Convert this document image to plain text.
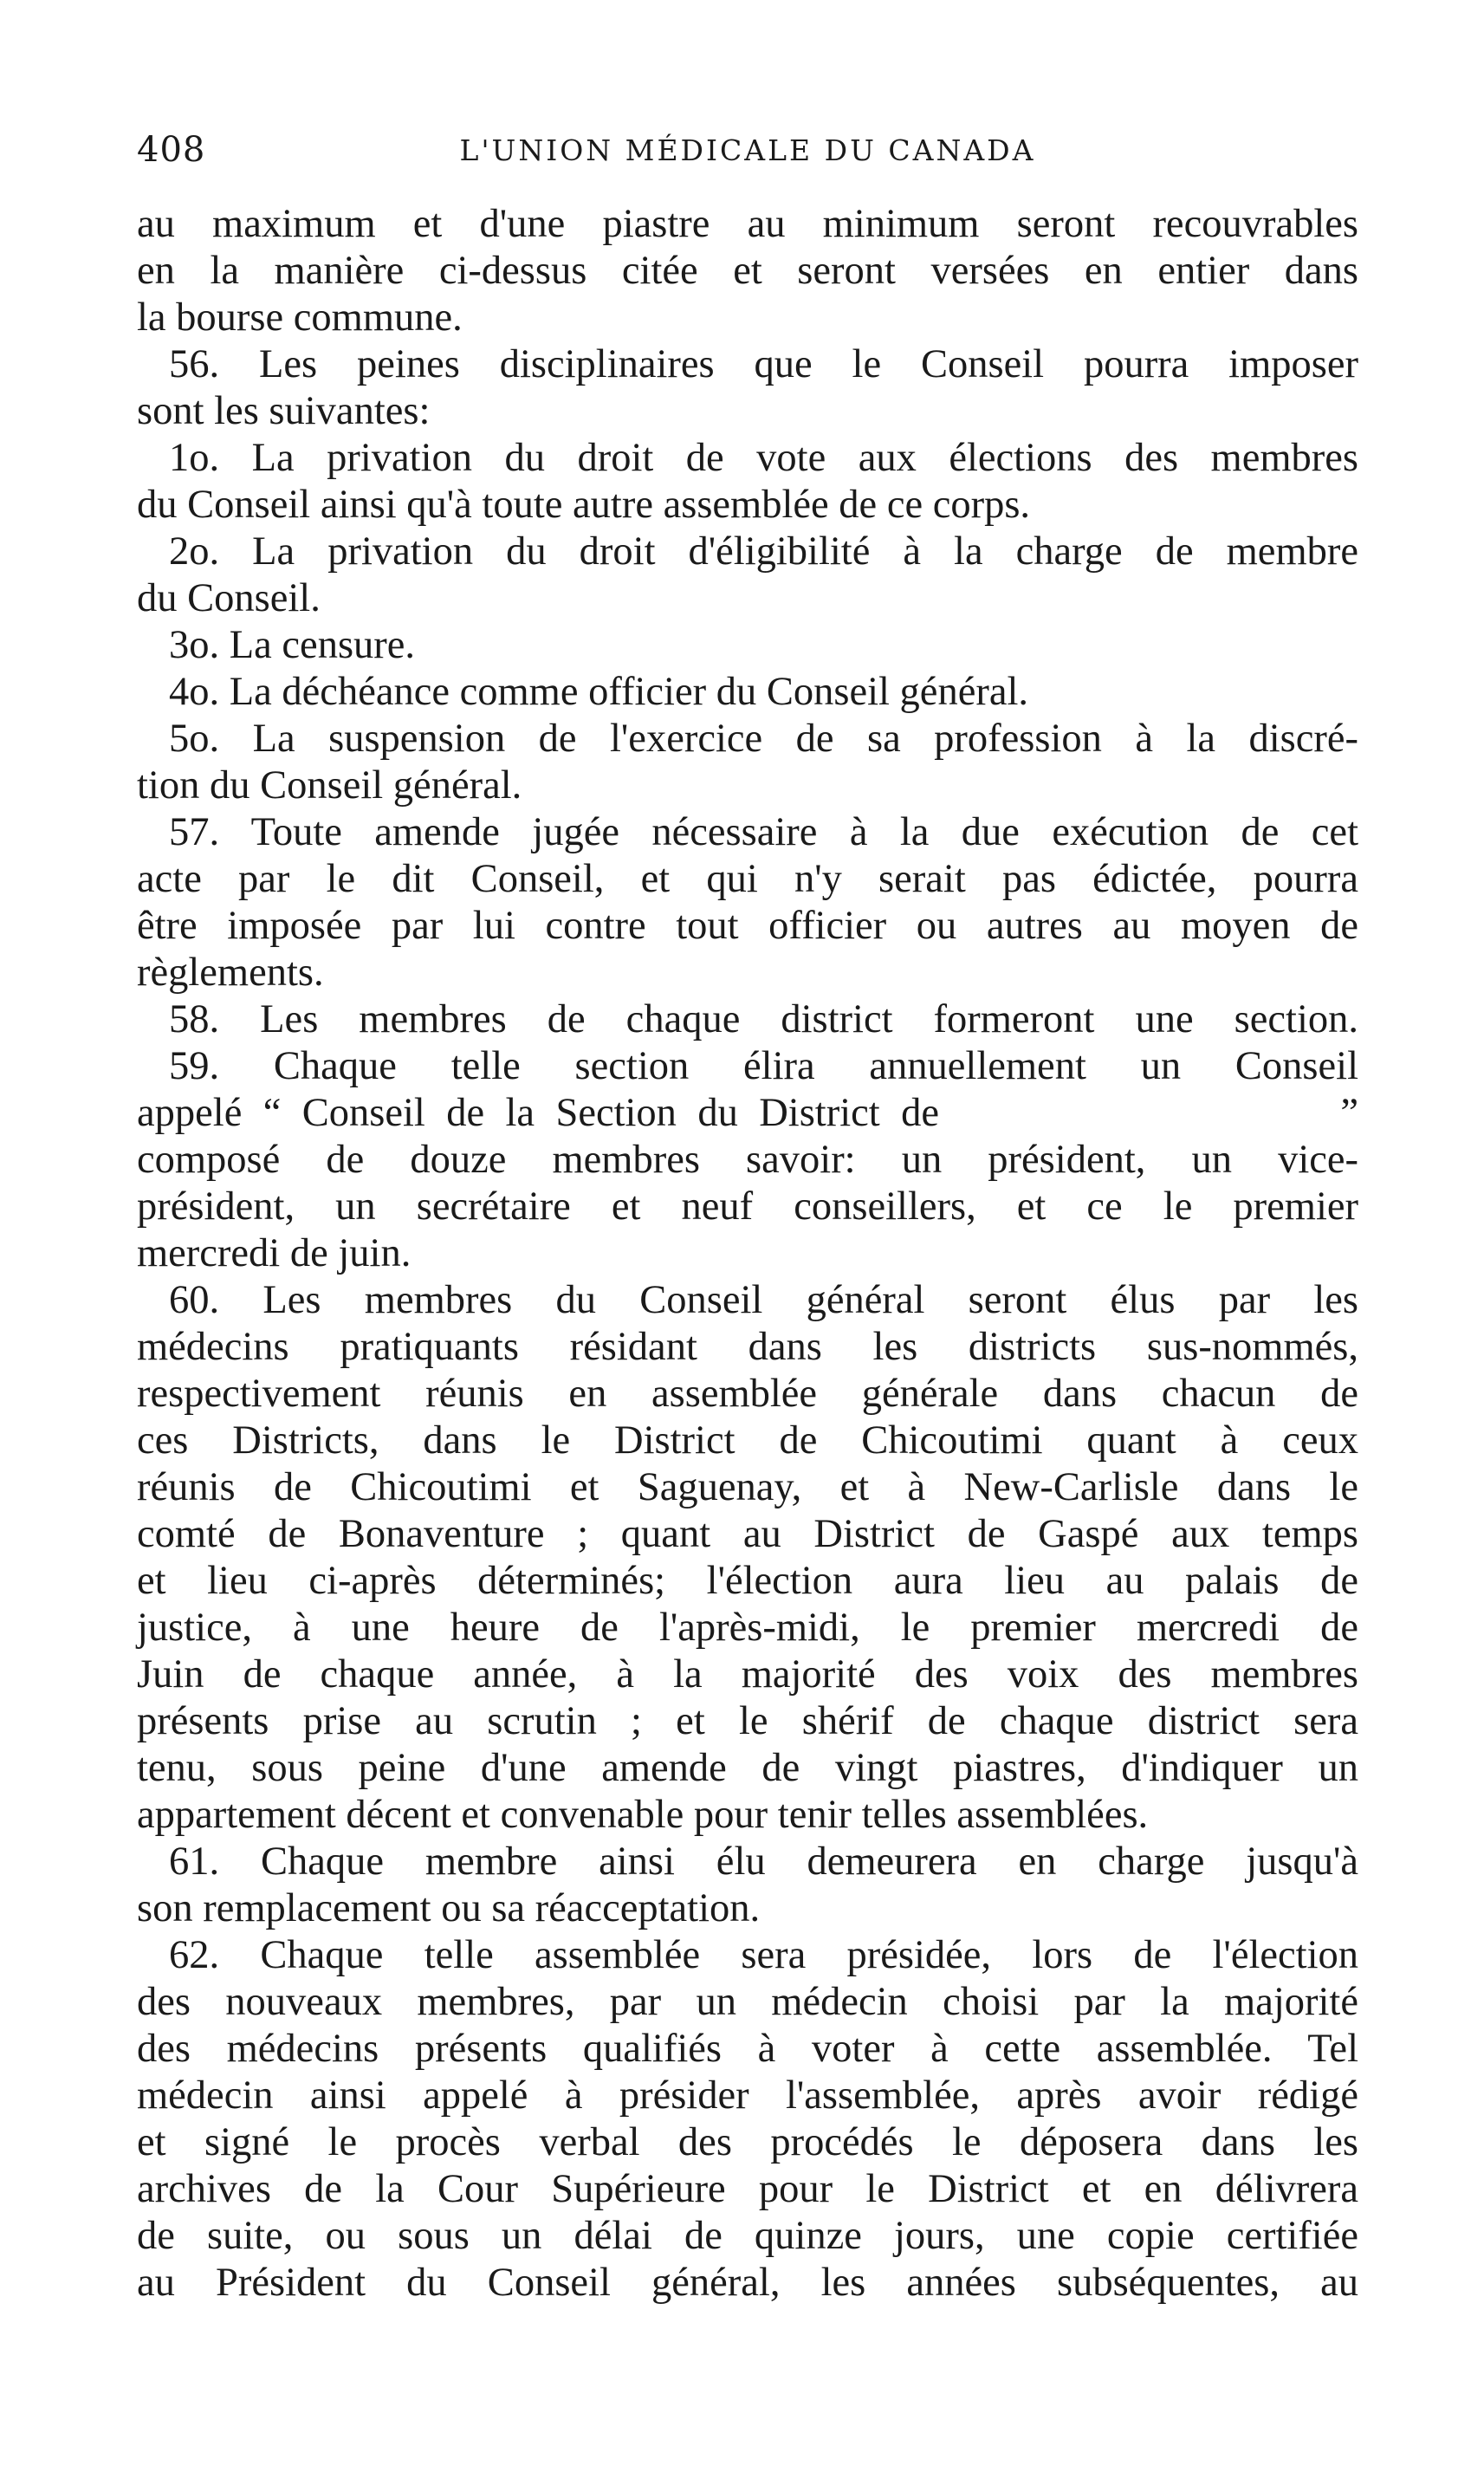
408	L'UNION MÉDICALE DU CANADA
au maximum et d'une piastre au minimum seront recouvrables
en la manière ci-dessus citée et seront versées en entier dans
la bourse commune.
56. Les peines disciplinaires que le Conseil pourra imposer
sont les suivantes:
1o. La privation du droit de vote aux élections des membres
du Conseil ainsi qu'à toute autre assemblée de ce corps.
2o. La privation du droit d'éligibilité à la charge de membre
du Conseil.
3o. La censure.
4o. La déchéance comme officier du Conseil général.
5o. La suspension de l'exercice de sa profession à la discré-
tion du Conseil général.
57. Toute amende jugée nécessaire à la due exécution de cet
acte par le dit Conseil, et qui n'y serait pas édictée, pourra
être imposée par lui contre tout officier ou autres au moyen de
règlements.
58. Les membres de chaque district formeront une section.
59. Chaque telle section élira annuellement un Conseil
appelé “ Conseil de la Section du District de                   ”
composé de douze membres savoir: un président, un vice-
président, un secrétaire et neuf conseillers, et ce le premier
mercredi de juin.
60. Les membres du Conseil général seront élus par les
médecins pratiquants résidant dans les districts sus-nommés,
respectivement réunis en assemblée générale dans chacun de
ces Districts, dans le District de Chicoutimi quant à ceux
réunis de Chicoutimi et Saguenay, et à New-Carlisle dans le
comté de Bonaventure ; quant au District de Gaspé aux temps
et lieu ci-après déterminés; l'élection aura lieu au palais de
justice, à une heure de l'après-midi, le premier mercredi de
Juin de chaque année, à la majorité des voix des membres
présents prise au scrutin ; et le shérif de chaque district sera
tenu, sous peine d'une amende de vingt piastres, d'indiquer un
appartement décent et convenable pour tenir telles assemblées.
61. Chaque membre ainsi élu demeurera en charge jusqu'à
son remplacement ou sa réacceptation.
62. Chaque telle assemblée sera présidée, lors de l'élection
des nouveaux membres, par un médecin choisi par la majorité
des médecins présents qualifiés à voter à cette assemblée. Tel
médecin ainsi appelé à présider l'assemblée, après avoir rédigé
et signé le procès verbal des procédés le déposera dans les
archives de la Cour Supérieure pour le District et en délivrera
de suite, ou sous un délai de quinze jours, une copie certifiée
au Président du Conseil général, les années subséquentes, au
